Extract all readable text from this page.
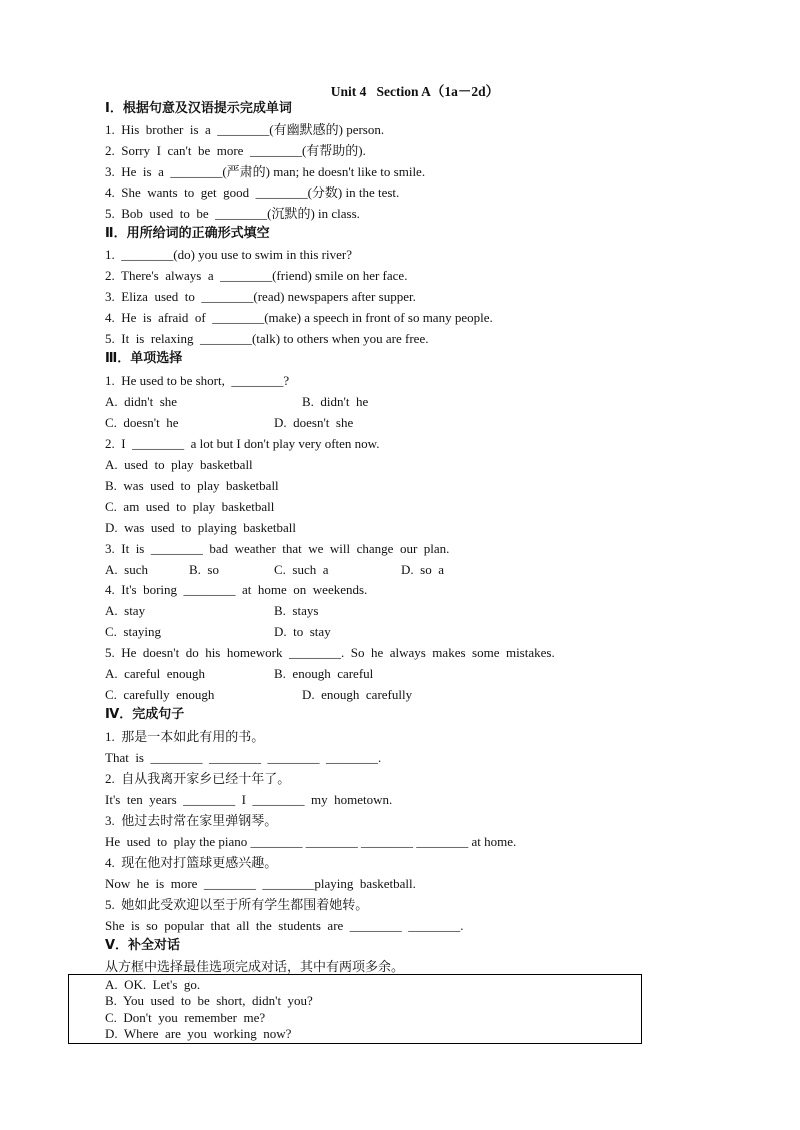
Unit 4   Section A（1a－2d）
Ⅰ．根据句意及汉语提示完成单词
1.  His  brother  is  a  ________(有幽默感的) person.
2.  Sorry  I  can't  be  more  ________(有帮助的).
3.  He  is  a  ________(严肃的) man; he doesn't like to smile.
4.  She  wants  to  get  good  ________(分数) in the test.
5.  Bob  used  to  be  ________(沉默的) in class.
Ⅱ．用所给词的正确形式填空
1.  ________(do) you use to swim in this river?
2.  There's  always  a  ________(friend) smile on her face.
3.  Eliza  used  to  ________(read) newspapers after supper.
4.  He  is  afraid  of  ________(make) a speech in front of so many people.
5.  It  is  relaxing  ________(talk) to others when you are free.
Ⅲ．单项选择
1.  He used to be short,  ________?
A.  didn't  she	B.  didn't  he
C.  doesn't  he	D.  doesn't  she
2.  I  ________  a lot but I don't play very often now.
A.  used  to  play  basketball
B.  was  used  to  play  basketball
C.  am  used  to  play  basketball
D.  was  used  to  playing  basketball
3.  It  is  ________  bad  weather  that  we  will  change  our  plan.
A.  such	B.  so	C.  such  a	D.  so  a
4.  It's  boring  ________  at  home  on  weekends.
A.  stay	B.  stays
C.  staying	D.  to  stay
5.  He  doesn't  do  his  homework  ________.  So  he  always  makes  some  mistakes.
A.  careful  enough	B.  enough  careful
C.  carefully  enough	D.  enough  carefully
Ⅳ．完成句子
1.  那是一本如此有用的书。
That  is  ________  ________  ________  ________.
2.  自从我离开家乡已经十年了。
It's  ten  years  ________  I  ________  my  hometown.
3.  他过去时常在家里弹钢琴。
He  used  to  play the piano ________ ________ ________ ________ at home.
4.  现在他对打篮球更感兴趣。
Now  he  is  more  ________  ________playing  basketball.
5.  她如此受欢迎以至于所有学生都围着她转。
She  is  so  popular  that  all  the  students  are  ________  ________.
Ⅴ．补全对话
从方框中选择最佳选项完成对话，其中有两项多余。
A.  OK.  Let's  go.
B.  You  used  to  be  short,  didn't  you?
C.  Don't  you  remember  me?
D.  Where  are  you  working  now?
